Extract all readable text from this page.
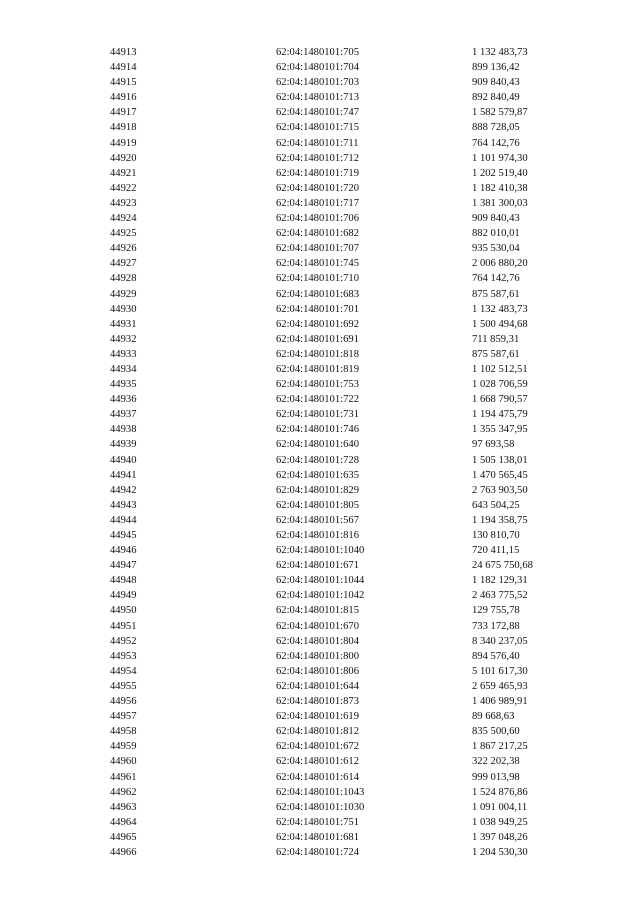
44913	62:04:1480101:705	1 132 483,73
44914	62:04:1480101:704	899 136,42
44915	62:04:1480101:703	909 840,43
44916	62:04:1480101:713	892 840,49
44917	62:04:1480101:747	1 582 579,87
44918	62:04:1480101:715	888 728,05
44919	62:04:1480101:711	764 142,76
44920	62:04:1480101:712	1 101 974,30
44921	62:04:1480101:719	1 202 519,40
44922	62:04:1480101:720	1 182 410,38
44923	62:04:1480101:717	1 381 300,03
44924	62:04:1480101:706	909 840,43
44925	62:04:1480101:682	882 010,01
44926	62:04:1480101:707	935 530,04
44927	62:04:1480101:745	2 006 880,20
44928	62:04:1480101:710	764 142,76
44929	62:04:1480101:683	875 587,61
44930	62:04:1480101:701	1 132 483,73
44931	62:04:1480101:692	1 500 494,68
44932	62:04:1480101:691	711 859,31
44933	62:04:1480101:818	875 587,61
44934	62:04:1480101:819	1 102 512,51
44935	62:04:1480101:753	1 028 706,59
44936	62:04:1480101:722	1 668 790,57
44937	62:04:1480101:731	1 194 475,79
44938	62:04:1480101:746	1 355 347,95
44939	62:04:1480101:640	97 693,58
44940	62:04:1480101:728	1 505 138,01
44941	62:04:1480101:635	1 470 565,45
44942	62:04:1480101:829	2 763 903,50
44943	62:04:1480101:805	643 504,25
44944	62:04:1480101:567	1 194 358,75
44945	62:04:1480101:816	130 810,70
44946	62:04:1480101:1040	720 411,15
44947	62:04:1480101:671	24 675 750,68
44948	62:04:1480101:1044	1 182 129,31
44949	62:04:1480101:1042	2 463 775,52
44950	62:04:1480101:815	129 755,78
44951	62:04:1480101:670	733 172,88
44952	62:04:1480101:804	8 340 237,05
44953	62:04:1480101:800	894 576,40
44954	62:04:1480101:806	5 101 617,30
44955	62:04:1480101:644	2 659 465,93
44956	62:04:1480101:873	1 406 989,91
44957	62:04:1480101:619	89 668,63
44958	62:04:1480101:812	835 500,60
44959	62:04:1480101:672	1 867 217,25
44960	62:04:1480101:612	322 202,38
44961	62:04:1480101:614	999 013,98
44962	62:04:1480101:1043	1 524 876,86
44963	62:04:1480101:1030	1 091 004,11
44964	62:04:1480101:751	1 038 949,25
44965	62:04:1480101:681	1 397 048,26
44966	62:04:1480101:724	1 204 530,30
